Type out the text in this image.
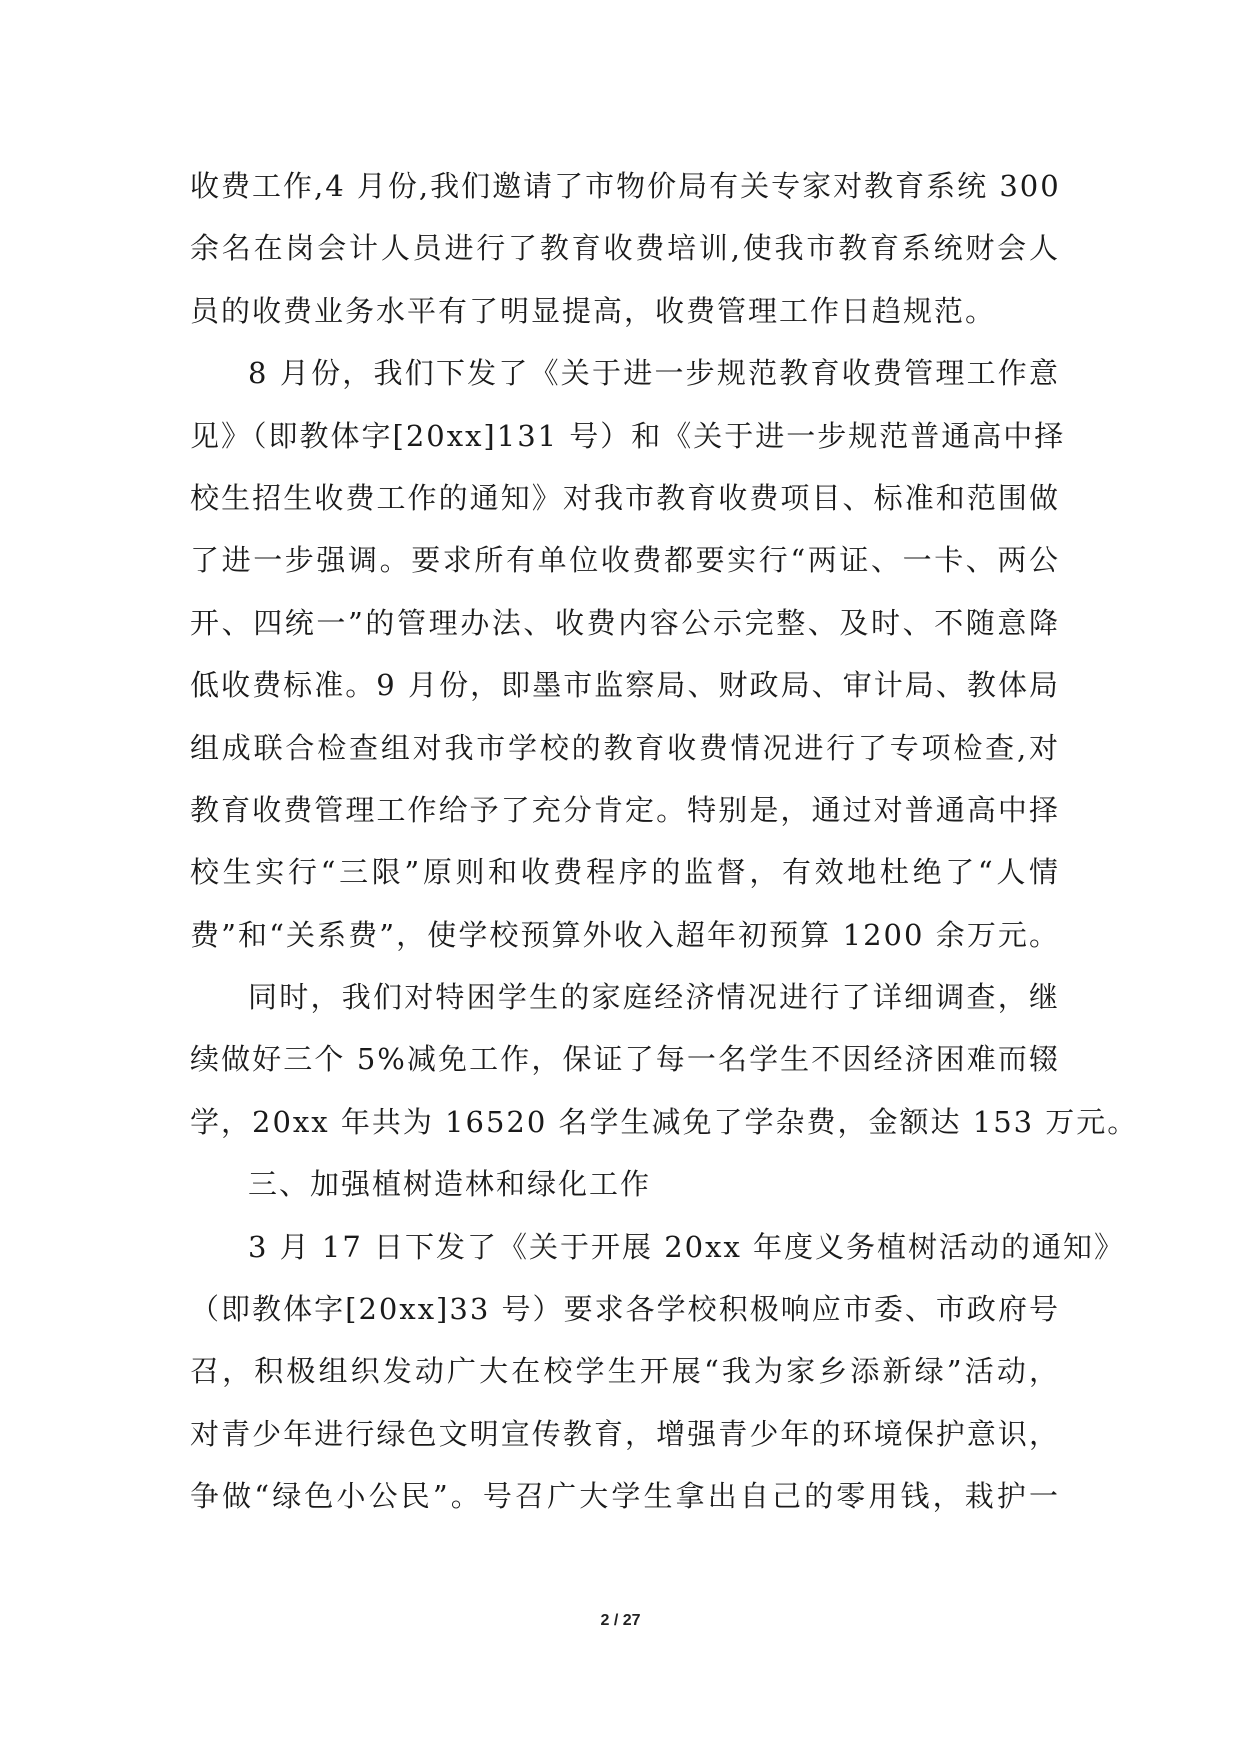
收费工作,4 月份,我们邀请了市物价局有关专家对教育系统 300
余名在岗会计人员进行了教育收费培训,使我市教育系统财会人
员的收费业务水平有了明显提高，收费管理工作日趋规范。
8 月份，我们下发了《关于进一步规范教育收费管理工作意
见》（即教体字[20xx]131 号）和《关于进一步规范普通高中择
校生招生收费工作的通知》对我市教育收费项目、标准和范围做
了进一步强调。要求所有单位收费都要实行“两证、一卡、两公
开、四统一”的管理办法、收费内容公示完整、及时、不随意降
低收费标准。9 月份，即墨市监察局、财政局、审计局、教体局
组成联合检查组对我市学校的教育收费情况进行了专项检查,对
教育收费管理工作给予了充分肯定。特别是，通过对普通高中择
校生实行“三限”原则和收费程序的监督，有效地杜绝了“人情
费”和“关系费”，使学校预算外收入超年初预算 1200 余万元。
同时，我们对特困学生的家庭经济情况进行了详细调查，继
续做好三个 5%减免工作，保证了每一名学生不因经济困难而辍
学，20xx 年共为 16520 名学生减免了学杂费，金额达 153 万元。
三、加强植树造林和绿化工作
3 月 17 日下发了《关于开展 20xx 年度义务植树活动的通知》
（即教体字[20xx]33 号）要求各学校积极响应市委、市政府号
召，积极组织发动广大在校学生开展“我为家乡添新绿”活动，
对青少年进行绿色文明宣传教育，增强青少年的环境保护意识，
争做“绿色小公民”。号召广大学生拿出自己的零用钱，栽护一
2 / 27
